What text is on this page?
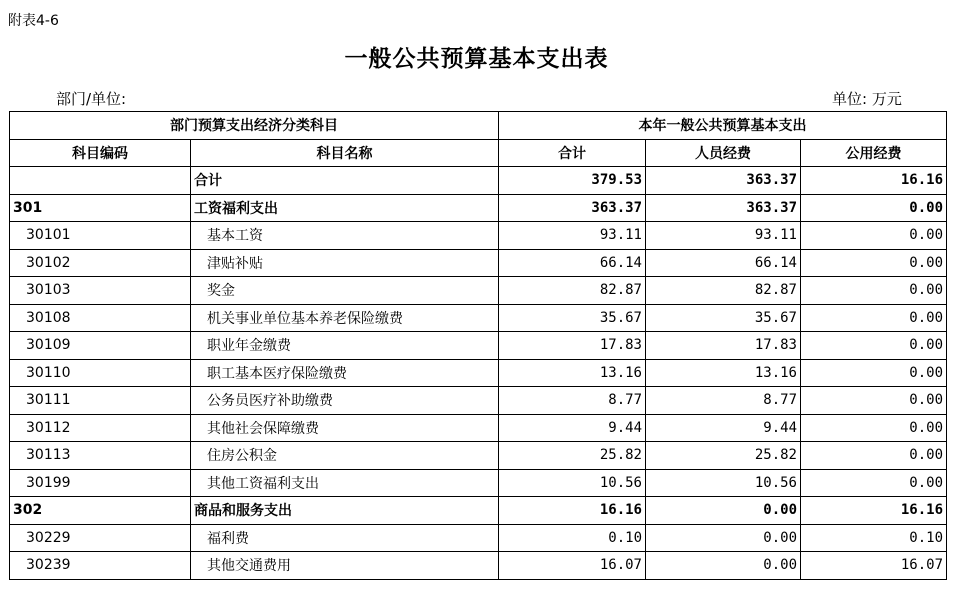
附表4-6
一般公共预算基本支出表
部门/单位:	单位: 万元
部门预算支出经济分类科目		本年一般公共预算基本支出		
科目编码	科目名称	合计	人员经费	公用经费
	合计	379.53	363.37	16.16
301	工资福利支出	363.37	363.37	0.00
30101	基本工资	93.11	93.11	0.00
30102	津贴补贴	66.14	66.14	0.00
30103	奖金	82.87	82.87	0.00
30108	机关事业单位基本养老保险缴费	35.67	35.67	0.00
30109	职业年金缴费	17.83	17.83	0.00
30110	职工基本医疗保险缴费	13.16	13.16	0.00
30111	公务员医疗补助缴费	8.77	8.77	0.00
30112	其他社会保障缴费	9.44	9.44	0.00
30113	住房公积金	25.82	25.82	0.00
30199	其他工资福利支出	10.56	10.56	0.00
302	商品和服务支出	16.16	0.00	16.16
30229	福利费	0.10	0.00	0.10
30239	其他交通费用	16.07	0.00	16.07
